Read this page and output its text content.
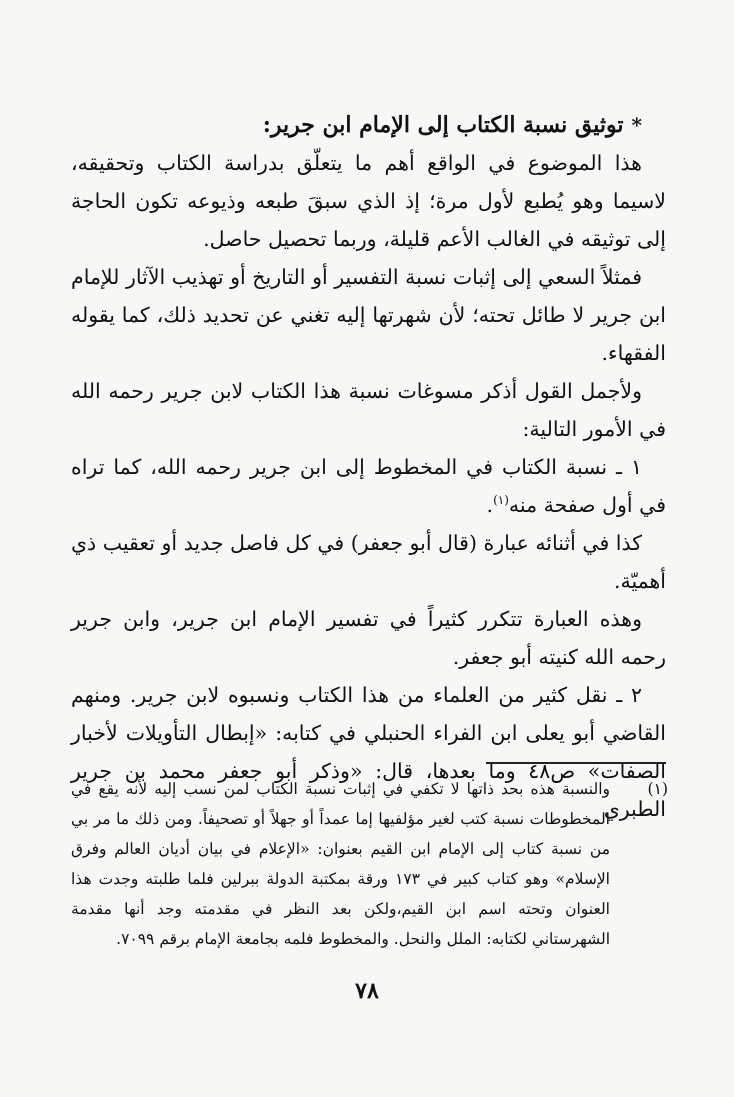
*توثيق نسبة الكتاب إلى الإمام ابن جرير:

هذا الموضوع في الواقع أهم ما يتعلّق بدراسة الكتاب وتحقيقه، لاسيما وهو يُطبع لأول مرة؛ إذ الذي سبقَ طبعه وذيوعه تكون الحاجة إلى توثيقه في الغالب الأعم قليلة، وربما تحصيل حاصل.

فمثلاً السعي إلى إثبات نسبة التفسير أو التاريخ أو تهذيب الآثار للإمام ابن جرير لا طائل تحته؛ لأن شهرتها إليه تغني عن تحديد ذلك، كما يقوله الفقهاء.

ولأجمل القول أذكر مسوغات نسبة هذا الكتاب لابن جرير رحمه الله في الأمور التالية:

١ ـ نسبة الكتاب في المخطوط إلى ابن جرير رحمه الله، كما تراه في أول صفحة منه$^{(١)}$.

كذا في أثنائه عبارة (قال أبو جعفر) في كل فاصل جديد أو تعقيب ذي أهميّة.

وهذه العبارة تتكرر كثيراً في تفسير الإمام ابن جرير، وابن جرير رحمه الله كنيته أبو جعفر.

٢ ـ نقل كثير من العلماء من هذا الكتاب ونسبوه لابن جرير. ومنهم القاضي أبو يعلى ابن الفراء الحنبلي في كتابه: «إبطال التأويلات لأخبار الصفات» ص٤٨ وما بعدها، قال: «وذكر أبو جعفر محمد بن جرير الطبري

(١)
والنسبة هذه بحد ذاتها لا تكفي في إثبات نسبة الكتاب لمن نسب إليه لأنه يقع في المخطوطات نسبة كتب لغير مؤلفيها إما عمداً أو جهلاً أو تصحيفاً. ومن ذلك ما مر بي من نسبة كتاب إلى الإمام ابن القيم بعنوان: «الإعلام في بيان أديان العالم وفرق الإسلام» وهو كتاب كبير في ١٧٣ ورقة بمكتبة الدولة ببرلين فلما طلبته وجدت هذا العنوان وتحته اسم ابن القيم،ولكن بعد النظر في مقدمته وجد أنها مقدمة الشهرستاني لكتابه: الملل والنحل. والمخطوط فلمه بجامعة الإمام برقم ٧٠٩٩.
٧٨
